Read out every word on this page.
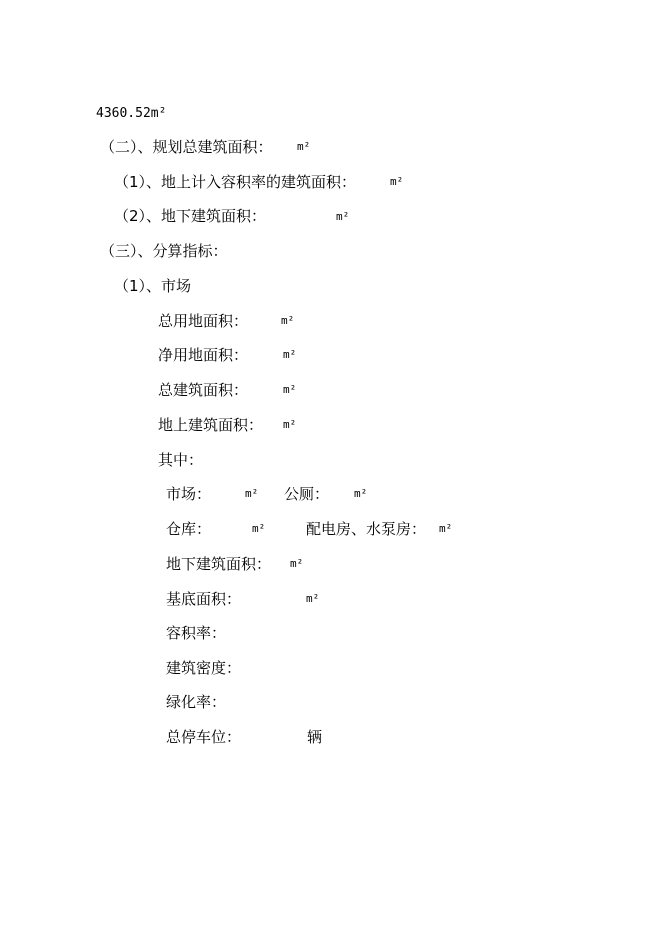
4360.52m²
（二）、规划总建筑面积： m²
（1）、地上计入容积率的建筑面积：	m²
（2）、地下建筑面积：	m²
（三）、分算指标：
（1）、市场
总用地面积：	m²
净用地面积：	m²
总建筑面积：	m²
地上建筑面积： m²
其中：
市场：	m² 公厕： m²
仓库：	m²	配电房、水泵房： m²
地下建筑面积： m²
基底面积：	m²
容积率：
建筑密度：
绿化率：
总停车位：	辆
